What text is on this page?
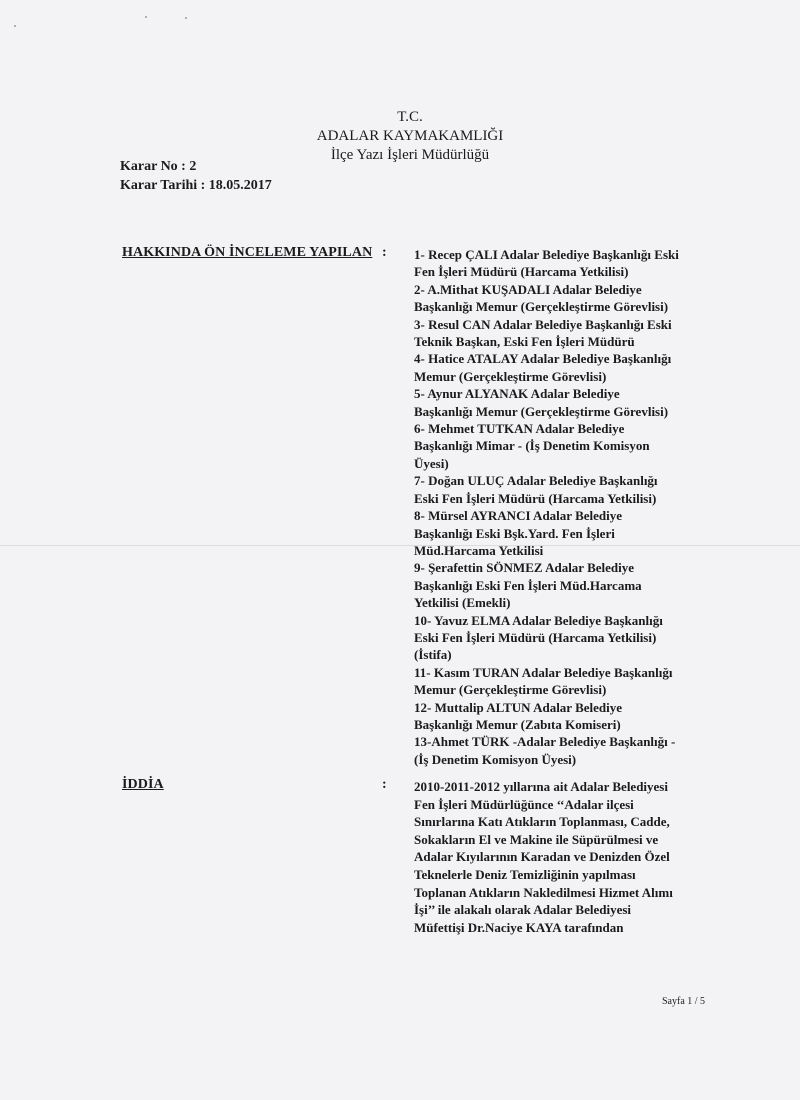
T.C.
ADALAR KAYMAKAMLIĞI
İlçe Yazı İşleri Müdürlüğü
Karar No : 2
Karar Tarihi : 18.05.2017
HAKKINDA ÖN İNCELEME YAPILAN : 1- Recep ÇALI Adalar Belediye Başkanlığı Eski
Fen İşleri Müdürü (Harcama Yetkilisi)
2- A.Mithat KUŞADALI Adalar Belediye
Başkanlığı Memur (Gerçekleştirme Görevlisi)
3- Resul CAN Adalar Belediye Başkanlığı Eski
Teknik Başkan, Eski Fen İşleri Müdürü
4- Hatice ATALAY Adalar Belediye Başkanlığı
Memur (Gerçekleştirme Görevlisi)
5- Aynur ALYANAK Adalar Belediye
Başkanlığı Memur (Gerçekleştirme Görevlisi)
6- Mehmet TUTKAN Adalar Belediye
Başkanlığı Mimar - (İş Denetim Komisyon
Üyesi)
7- Doğan ULUÇ Adalar Belediye Başkanlığı
Eski Fen İşleri Müdürü (Harcama Yetkilisi)
8- Mürsel AYRANCI Adalar Belediye
Başkanlığı Eski Bşk.Yard. Fen İşleri
Müd.Harcama Yetkilisi
9- Şerafettin SÖNMEZ Adalar Belediye
Başkanlığı Eski Fen İşleri Müd.Harcama
Yetkilisi (Emekli)
10- Yavuz ELMA Adalar Belediye Başkanlığı
Eski Fen İşleri Müdürü (Harcama Yetkilisi)
(İstifa)
11- Kasım TURAN Adalar Belediye Başkanlığı
Memur (Gerçekleştirme Görevlisi)
12- Muttalip ALTUN Adalar Belediye
Başkanlığı Memur (Zabıta Komiseri)
13-Ahmet TÜRK -Adalar Belediye Başkanlığı -
(İş Denetim Komisyon Üyesi)
İDDİA	: 2010-2011-2012 yıllarına ait Adalar Belediyesi
Fen İşleri Müdürlüğünce ‘‘Adalar ilçesi
Sınırlarına Katı Atıkların Toplanması, Cadde,
Sokakların El ve Makine ile Süpürülmesi ve
Adalar Kıyılarının Karadan ve Denizden Özel
Teknelerle Deniz Temizliğinin yapılması
Toplanan Atıkların Nakledilmesi Hizmet Alımı
İşi’’ ile alakalı olarak Adalar Belediyesi
Müfettişi Dr.Naciye KAYA tarafından
Sayfa 1 / 5
